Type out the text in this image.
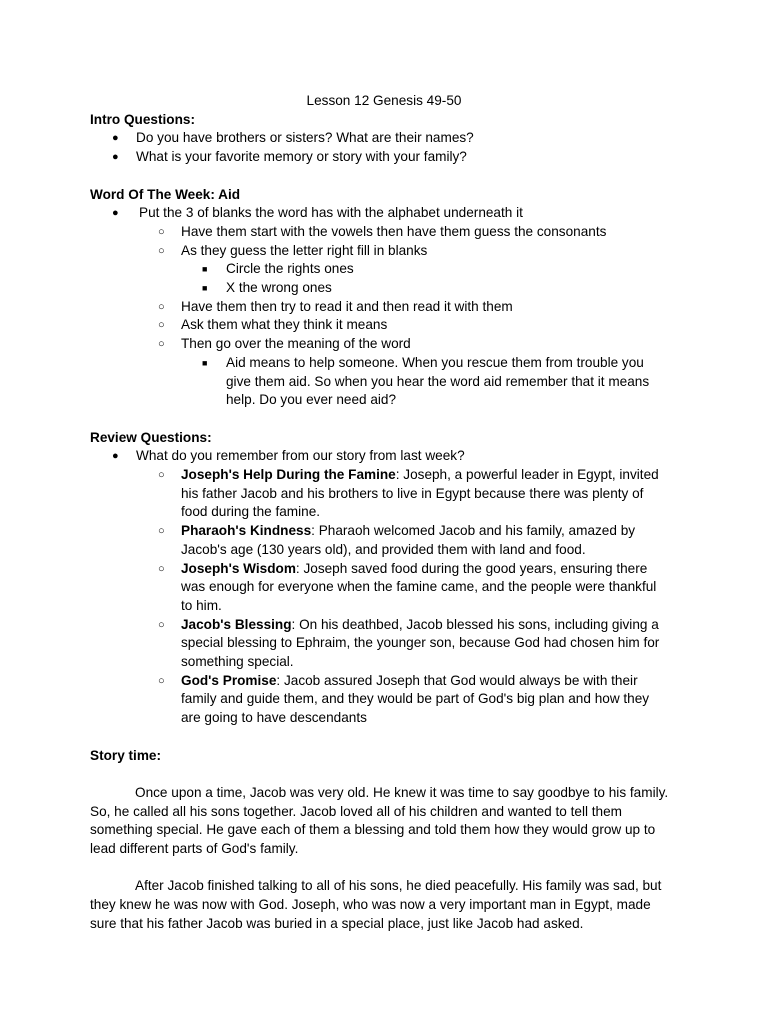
Lesson 12 Genesis 49-50

Intro Questions:

● Do you have brothers or sisters? What are their names?
● What is your favorite memory or story with your family?

Word Of The Week: Aid

● Put the 3 of blanks the word has with the alphabet underneath it
○ Have them start with the vowels then have them guess the consonants
○ As they guess the letter right fill in blanks
■ Circle the rights ones
■ X the wrong ones
○ Have them then try to read it and then read it with them
○ Ask them what they think it means
○ Then go over the meaning of the word
■ Aid means to help someone. When you rescue them from trouble you give them aid. So when you hear the word aid remember that it means help. Do you ever need aid?

Review Questions:

● What do you remember from our story from last week?
○ Joseph's Help During the Famine: Joseph, a powerful leader in Egypt, invited his father Jacob and his brothers to live in Egypt because there was plenty of food during the famine.
○ Pharaoh's Kindness: Pharaoh welcomed Jacob and his family, amazed by Jacob's age (130 years old), and provided them with land and food.
○ Joseph's Wisdom: Joseph saved food during the good years, ensuring there was enough for everyone when the famine came, and the people were thankful to him.
○ Jacob's Blessing: On his deathbed, Jacob blessed his sons, including giving a special blessing to Ephraim, the younger son, because God had chosen him for something special.
○ God's Promise: Jacob assured Joseph that God would always be with their family and guide them, and they would be part of God's big plan and how they are going to have descendants

Story time:

Once upon a time, Jacob was very old. He knew it was time to say goodbye to his family. So, he called all his sons together. Jacob loved all of his children and wanted to tell them something special. He gave each of them a blessing and told them how they would grow up to lead different parts of God's family.

After Jacob finished talking to all of his sons, he died peacefully. His family was sad, but they knew he was now with God. Joseph, who was now a very important man in Egypt, made sure that his father Jacob was buried in a special place, just like Jacob had asked.
